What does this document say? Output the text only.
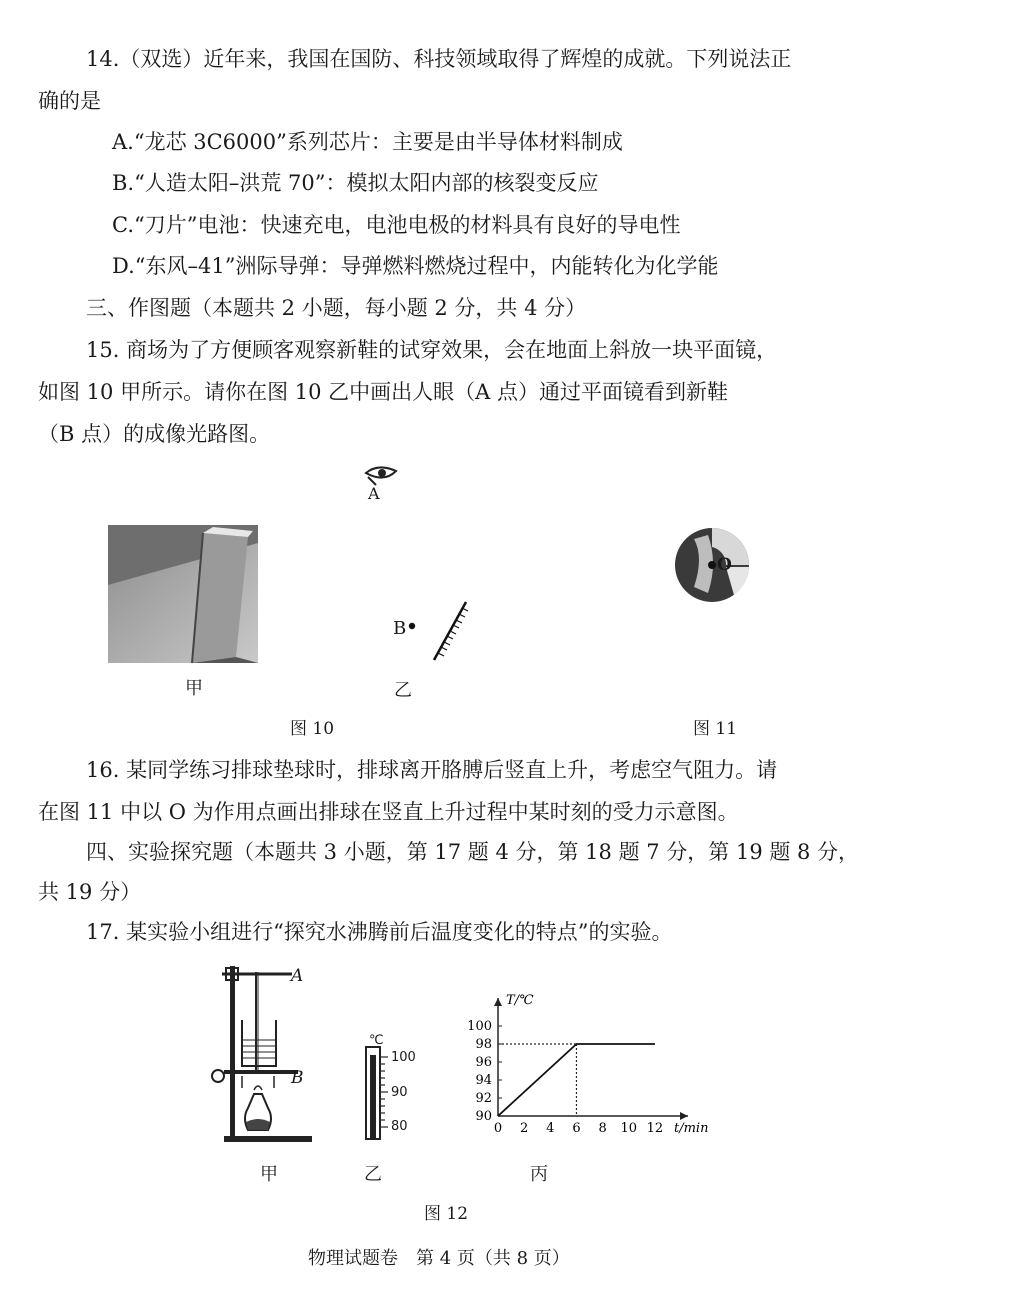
14.（双选）近年来，我国在国防、科技领域取得了辉煌的成就。下列说法正
确的是
A.“龙芯 3C6000”系列芯片：主要是由半导体材料制成
B.“人造太阳–洪荒 70”：模拟太阳内部的核裂变反应
C.“刀片”电池：快速充电，电池电极的材料具有良好的导电性
D.“东风–41”洲际导弹：导弹燃料燃烧过程中，内能转化为化学能
三、作图题（本题共 2 小题，每小题 2 分，共 4 分）
15. 商场为了方便顾客观察新鞋的试穿效果，会在地面上斜放一块平面镜，
如图 10 甲所示。请你在图 10 乙中画出人眼（A 点）通过平面镜看到新鞋
（B 点）的成像光路图。
甲
A
B
乙
图 10
O
图 11
16. 某同学练习排球垫球时，排球离开胳膊后竖直上升，考虑空气阻力。请
在图 11 中以 O 为作用点画出排球在竖直上升过程中某时刻的受力示意图。
四、实验探究题（本题共 3 小题，第 17 题 4 分，第 18 题 7 分，第 19 题 8 分，
共 19 分）
17. 某实验小组进行“探究水沸腾前后温度变化的特点”的实验。
A
B
甲
℃
100
90
80
乙
0 2 4 6 8 10 12
90
92
94
96
98
100
T/℃
t/min
丙
图 12
物理试题卷　第 4 页（共 8 页）
